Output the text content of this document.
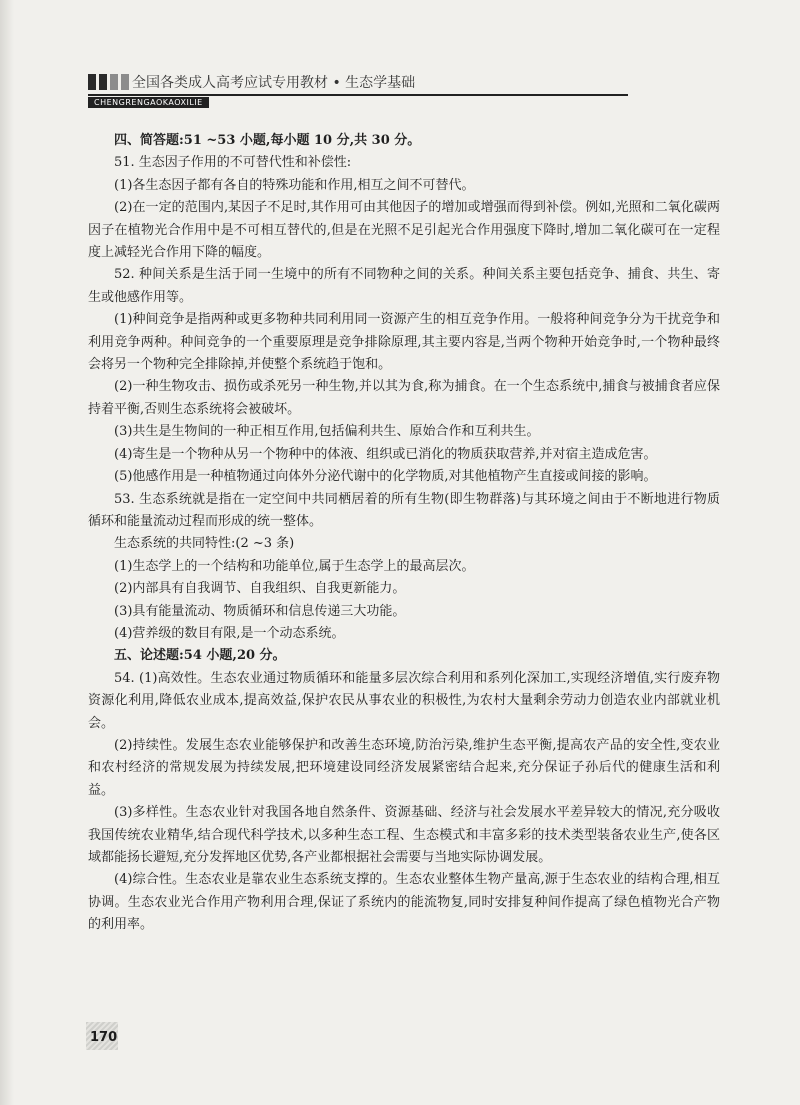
全国各类成人高考应试专用教材 • 生态学基础
CHENGRENGAOKAOXILIE

四、简答题:51 ~53 小题,每小题 10 分,共 30 分。

51. 生态因子作用的不可替代性和补偿性:

(1)各生态因子都有各自的特殊功能和作用,相互之间不可替代。

(2)在一定的范围内,某因子不足时,其作用可由其他因子的增加或增强而得到补偿。例如,光照和二氧化碳两因子在植物光合作用中是不可相互替代的,但是在光照不足引起光合作用强度下降时,增加二氧化碳可在一定程度上减轻光合作用下降的幅度。

52. 种间关系是生活于同一生境中的所有不同物种之间的关系。种间关系主要包括竞争、捕食、共生、寄生或他感作用等。

(1)种间竞争是指两种或更多物种共同利用同一资源产生的相互竞争作用。一般将种间竞争分为干扰竞争和利用竞争两种。种间竞争的一个重要原理是竞争排除原理,其主要内容是,当两个物种开始竞争时,一个物种最终会将另一个物种完全排除掉,并使整个系统趋于饱和。

(2)一种生物攻击、损伤或杀死另一种生物,并以其为食,称为捕食。在一个生态系统中,捕食与被捕食者应保持着平衡,否则生态系统将会被破坏。

(3)共生是生物间的一种正相互作用,包括偏利共生、原始合作和互利共生。

(4)寄生是一个物种从另一个物种中的体液、组织或已消化的物质获取营养,并对宿主造成危害。

(5)他感作用是一种植物通过向体外分泌代谢中的化学物质,对其他植物产生直接或间接的影响。

53. 生态系统就是指在一定空间中共同栖居着的所有生物(即生物群落)与其环境之间由于不断地进行物质循环和能量流动过程而形成的统一整体。

生态系统的共同特性:(2 ~3 条)

(1)生态学上的一个结构和功能单位,属于生态学上的最高层次。

(2)内部具有自我调节、自我组织、自我更新能力。

(3)具有能量流动、物质循环和信息传递三大功能。

(4)营养级的数目有限,是一个动态系统。

五、论述题:54 小题,20 分。

54. (1)高效性。生态农业通过物质循环和能量多层次综合利用和系列化深加工,实现经济增值,实行废弃物资源化利用,降低农业成本,提高效益,保护农民从事农业的积极性,为农村大量剩余劳动力创造农业内部就业机会。

(2)持续性。发展生态农业能够保护和改善生态环境,防治污染,维护生态平衡,提高农产品的安全性,变农业和农村经济的常规发展为持续发展,把环境建设同经济发展紧密结合起来,充分保证子孙后代的健康生活和利益。

(3)多样性。生态农业针对我国各地自然条件、资源基础、经济与社会发展水平差异较大的情况,充分吸收我国传统农业精华,结合现代科学技术,以多种生态工程、生态模式和丰富多彩的技术类型装备农业生产,使各区域都能扬长避短,充分发挥地区优势,各产业都根据社会需要与当地实际协调发展。

(4)综合性。生态农业是靠农业生态系统支撑的。生态农业整体生物产量高,源于生态农业的结构合理,相互协调。生态农业光合作用产物利用合理,保证了系统内的能流物复,同时安排复种间作提高了绿色植物光合产物的利用率。

170
